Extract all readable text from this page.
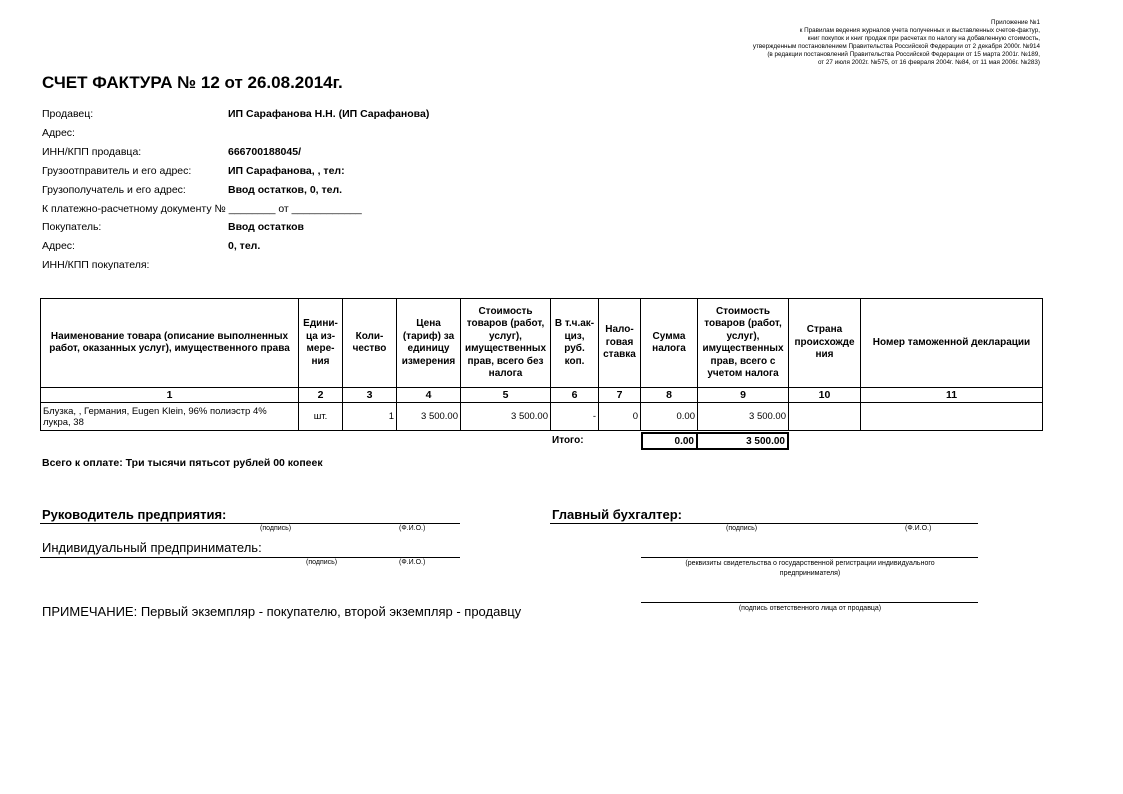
Приложение №1
к Правилам ведения журналов учета полученных и выставленных счетов-фактур,
книг покупок и книг продаж при расчетах по налогу на добавленную стоимость,
утвержденным постановлением Правительства Российской Федерации от 2 декабря 2000г. №914
(в редакции постановлений Правительства Российской Федерации от 15 марта 2001г. №189,
от 27 июля 2002г. №575, от 16 февраля 2004г. №84, от 11 мая 2006г. №283)
СЧЕТ ФАКТУРА № 12 от 26.08.2014г.
Продавец:	ИП Сарафанова Н.Н. (ИП Сарафанова)
Адрес:
ИНН/КПП продавца:	666700188045/
Грузоотправитель и его адрес:	ИП Сарафанова, , тел:
Грузополучатель и его адрес:	Ввод остатков, 0, тел.
К платежно-расчетному документу № ________ от ____________
Покупатель:	Ввод остатков
Адрес:	0, тел.
ИНН/КПП покупателя:
Наименование товара (описание выполненных работ, оказанных услуг), имущественного права	Едини-ца из-мере-ния	Коли-чество	Цена (тариф) за единицу измерения	Стоимость товаров (работ, услуг), имущественных прав, всего без налога	В т.ч.ак-циз, руб. коп.	Нало-говая ставка	Сумма налога	Стоимость товаров (работ, услуг), имущественных прав, всего с учетом налога	Страна происхожде ния	Номер таможенной декларации
1	2	3	4	5	6	7	8	9	10	11
Блузка, , Германия, Eugen Klein, 96% полиэстр 4% лукра, 38	шт.	1	3 500.00	3 500.00	-	0	0.00	3 500.00		
Итого:	0.00	3 500.00
Всего к оплате: Три тысячи пятьсот рублей 00 копеек
Руководитель предприятия:
(подпись)	(Ф.И.О.)
Главный бухгалтер:
(подпись)	(Ф.И.О.)
Индивидуальный предприниматель:
(подпись)	(Ф.И.О.)	(реквизиты свидетельства о государственной регистрации индивидуального предпринимателя)
(подпись ответственного лица от продавца)
ПРИМЕЧАНИЕ: Первый экземпляр - покупателю, второй экземпляр - продавцу
